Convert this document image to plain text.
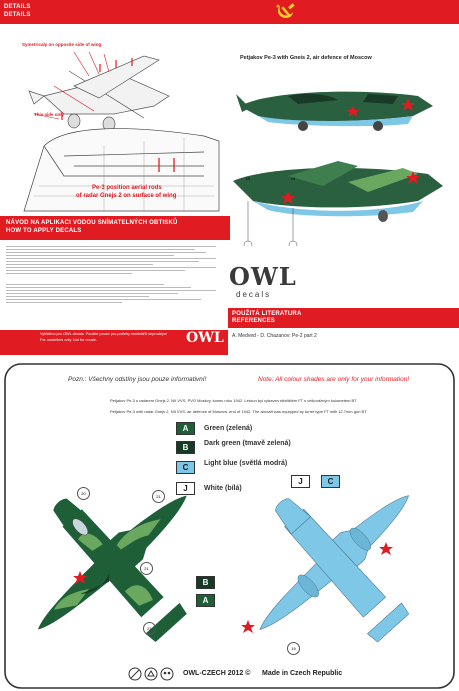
DETAILS
DETAILS
Symetricaly on opposite side of wing
This side only
Pe-3 position aerial rods
of radar Gnejs 2 on surface of wing
Petjakov Pe-3 with Gneis 2, air defence of Moscow
19	19
NÁVOD NA APLIKACI VODOU SNÍMATELNÝCH OBTISKŮ
HOW TO APPLY DECALS
OWL
decals
POUŽITÁ LITERATURA
REFERENCES
A. Medved - D. Chazanov: Pe-2 part 2
Vytištěno pro OWL decals. Použité pouze pro potřeby modelářů neprodejné
For modellers only. Not for resale.	OWL
Pozn.: Všechny odstíny jsou pouze informativní!	Note: All colour shades are only for your information!
Petjakov Pe-3 s radarem Gnejs 2, NII VVS, PVO Moskvy, konec roku 1942. Letoun byl vybaven střelištěm FT s velkorážným kulometem BT
Petjakov Pe-3 with radar Gnejs 2, NII VVS, air defence of Moscow, end of 1942. The aircraft was equipped by turret type FT with 12.7mm gun BT
A	Green (zelená)
B	Dark green (tmavě zelená)
C	Light blue (světlá modrá)
J	White (bílá)
20
21
21
21
B
A
J	C
19
OWL-CZECH 2012 © Made in Czech Republic
